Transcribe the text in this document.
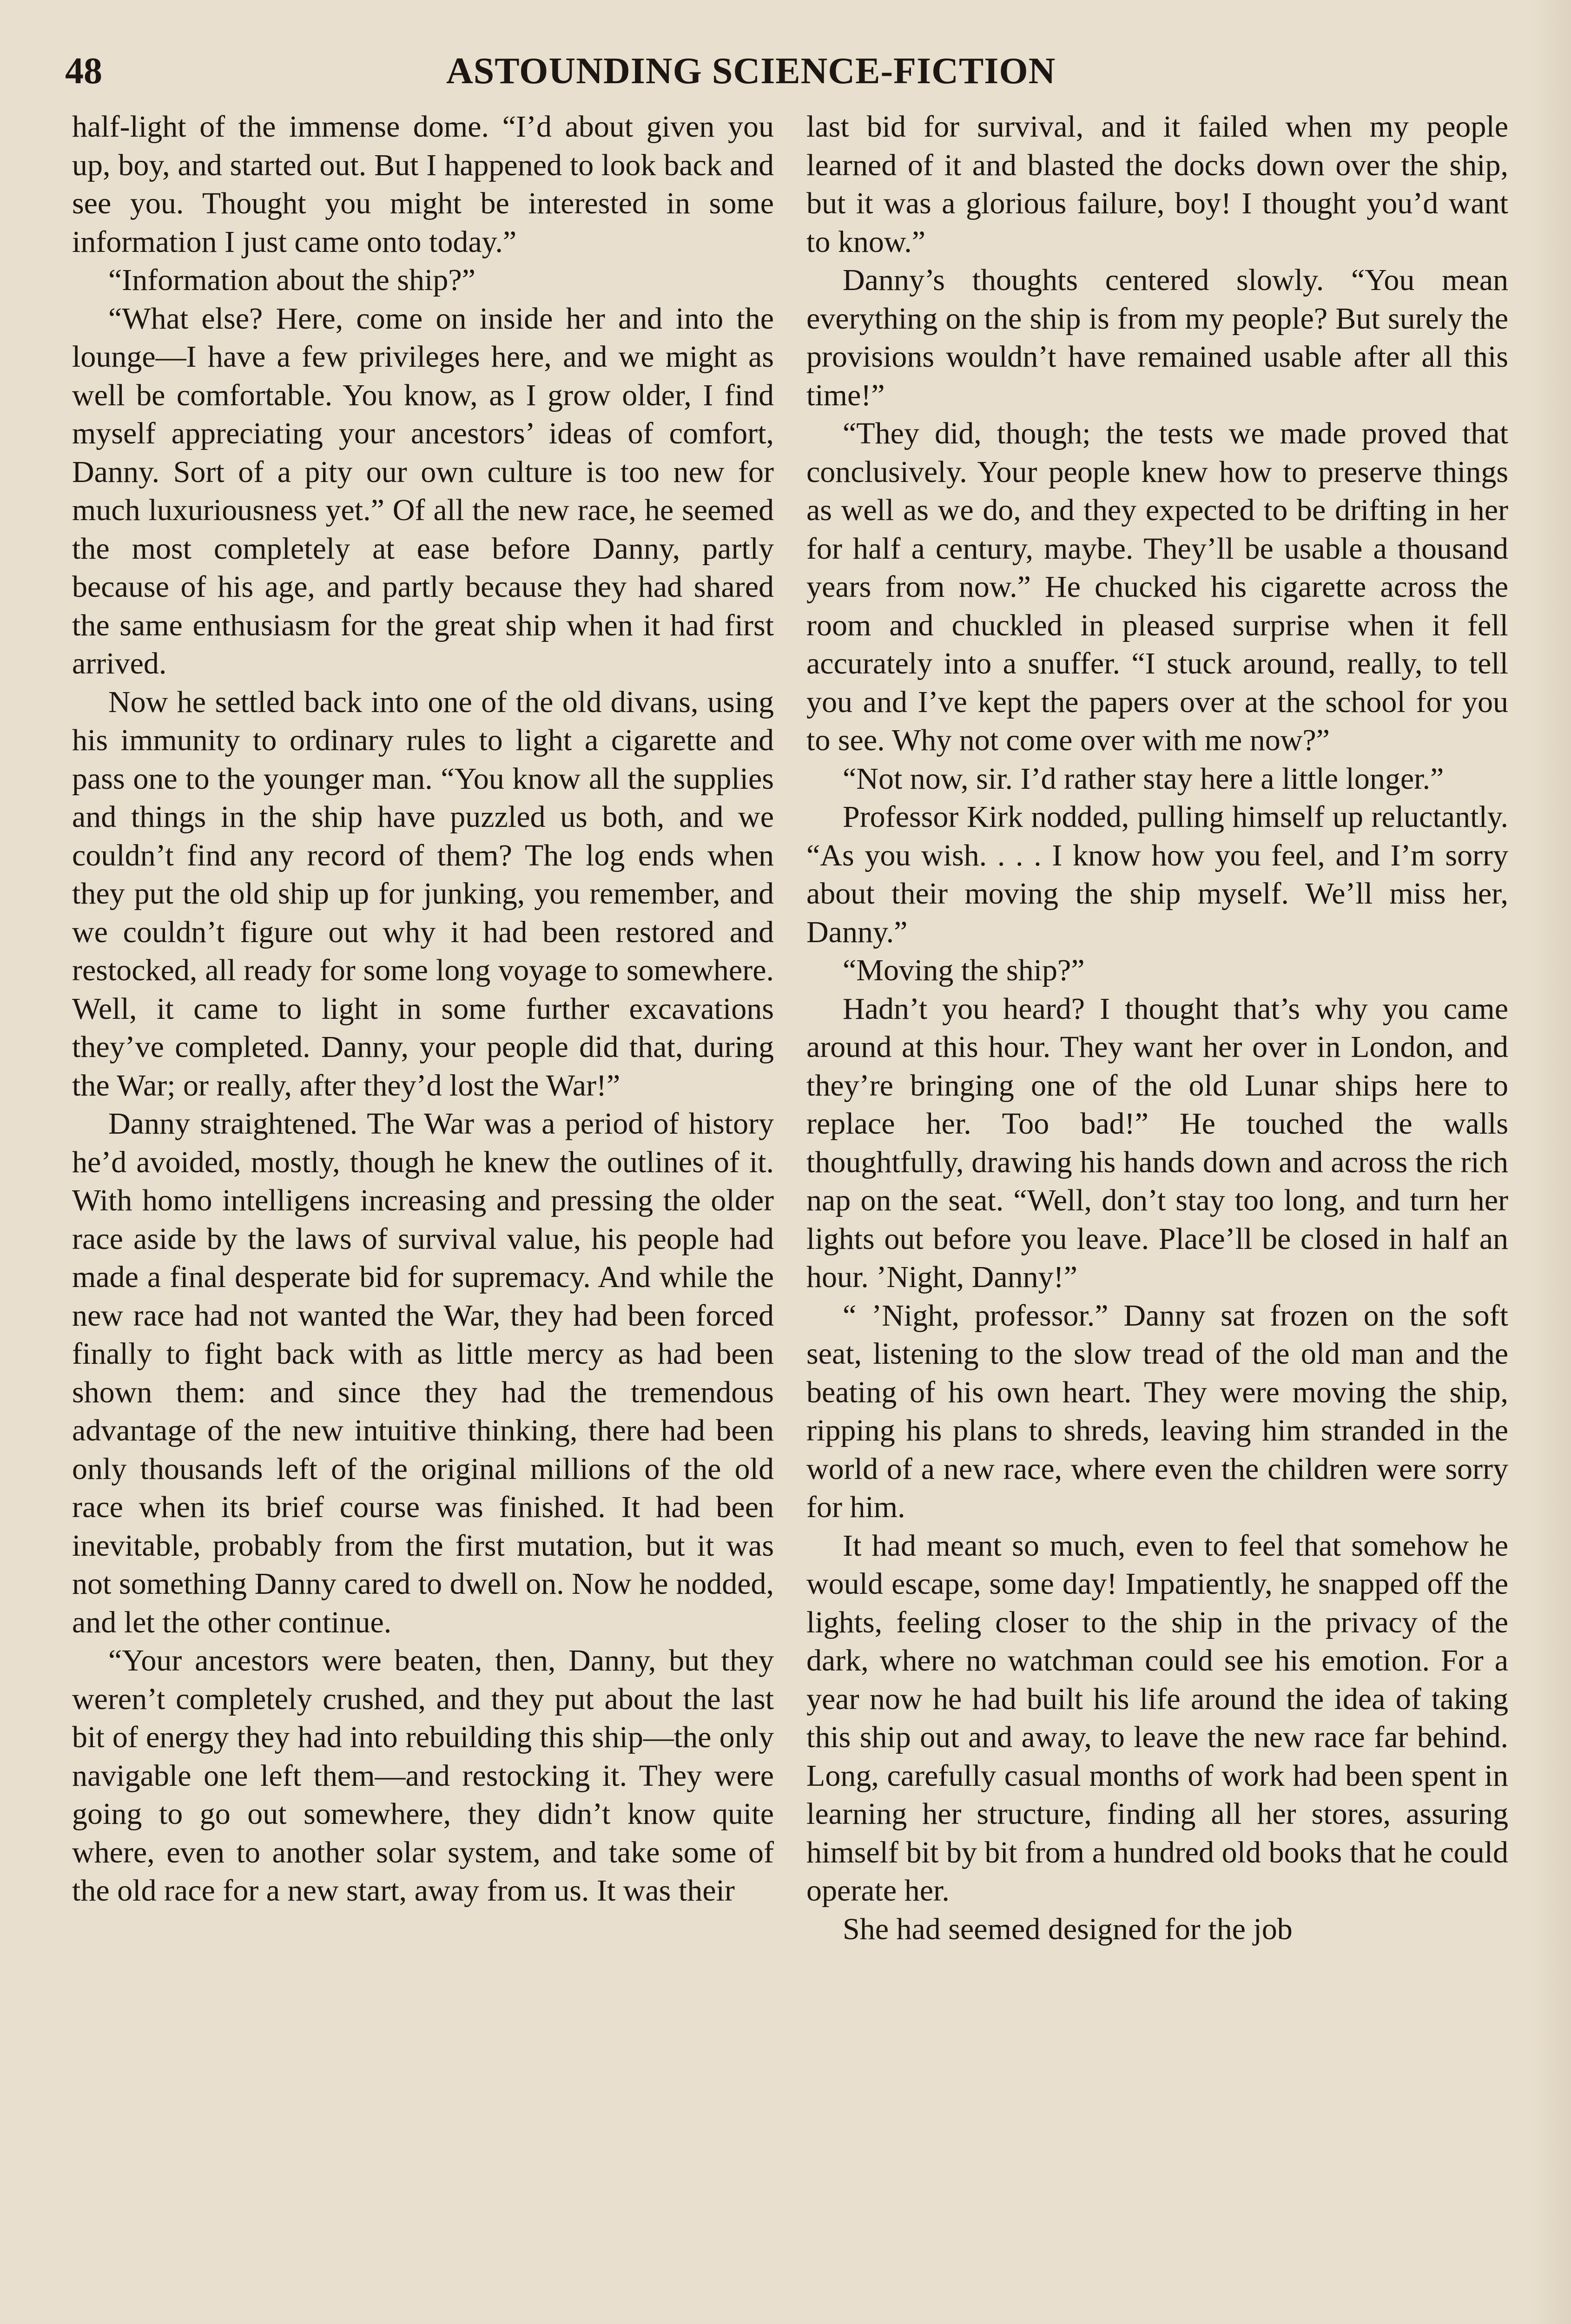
48	ASTOUNDING SCIENCE-FICTION

half-light of the immense dome. “I’d about given you up, boy, and started out. But I happened to look back and see you. Thought you might be interested in some information I just came onto today.”

“Information about the ship?”

“What else? Here, come on inside her and into the lounge—I have a few privileges here, and we might as well be comfortable. You know, as I grow older, I find myself appreciating your ancestors’ ideas of comfort, Danny. Sort of a pity our own culture is too new for much luxuriousness yet.” Of all the new race, he seemed the most completely at ease before Danny, partly because of his age, and partly because they had shared the same enthusiasm for the great ship when it had first arrived.

Now he settled back into one of the old divans, using his immunity to ordinary rules to light a cigarette and pass one to the younger man. “You know all the supplies and things in the ship have puzzled us both, and we couldn’t find any record of them? The log ends when they put the old ship up for junking, you remember, and we couldn’t figure out why it had been restored and restocked, all ready for some long voyage to somewhere. Well, it came to light in some further excavations they’ve completed. Danny, your people did that, during the War; or really, after they’d lost the War!”

Danny straightened. The War was a period of history he’d avoided, mostly, though he knew the outlines of it. With homo intelligens increasing and pressing the older race aside by the laws of survival value, his people had made a final desperate bid for supremacy. And while the new race had not wanted the War, they had been forced finally to fight back with as little mercy as had been shown them: and since they had the tremendous advantage of the new intuitive thinking, there had been only thousands left of the original millions of the old race when its brief course was finished. It had been inevitable, probably from the first mutation, but it was not something Danny cared to dwell on. Now he nodded, and let the other continue.

“Your ancestors were beaten, then, Danny, but they weren’t completely crushed, and they put about the last bit of energy they had into rebuilding this ship—the only navigable one left them—and restocking it. They were going to go out somewhere, they didn’t know quite where, even to another solar system, and take some of the old race for a new start, away from us. It was their

last bid for survival, and it failed when my people learned of it and blasted the docks down over the ship, but it was a glorious failure, boy! I thought you’d want to know.”

Danny’s thoughts centered slowly. “You mean everything on the ship is from my people? But surely the provisions wouldn’t have remained usable after all this time!”

“They did, though; the tests we made proved that conclusively. Your people knew how to preserve things as well as we do, and they expected to be drifting in her for half a century, maybe. They’ll be usable a thousand years from now.” He chucked his cigarette across the room and chuckled in pleased surprise when it fell accurately into a snuffer. “I stuck around, really, to tell you and I’ve kept the papers over at the school for you to see. Why not come over with me now?”

“Not now, sir. I’d rather stay here a little longer.”

Professor Kirk nodded, pulling himself up reluctantly. “As you wish. . . . I know how you feel, and I’m sorry about their moving the ship myself. We’ll miss her, Danny.”

“Moving the ship?”

Hadn’t you heard? I thought that’s why you came around at this hour. They want her over in London, and they’re bringing one of the old Lunar ships here to replace her. Too bad!” He touched the walls thoughtfully, drawing his hands down and across the rich nap on the seat. “Well, don’t stay too long, and turn her lights out before you leave. Place’ll be closed in half an hour. ’Night, Danny!”

“ ’Night, professor.” Danny sat frozen on the soft seat, listening to the slow tread of the old man and the beating of his own heart. They were moving the ship, ripping his plans to shreds, leaving him stranded in the world of a new race, where even the children were sorry for him.

It had meant so much, even to feel that somehow he would escape, some day! Impatiently, he snapped off the lights, feeling closer to the ship in the privacy of the dark, where no watchman could see his emotion. For a year now he had built his life around the idea of taking this ship out and away, to leave the new race far behind. Long, carefully casual months of work had been spent in learning her structure, finding all her stores, assuring himself bit by bit from a hundred old books that he could operate her.

She had seemed designed for the job
